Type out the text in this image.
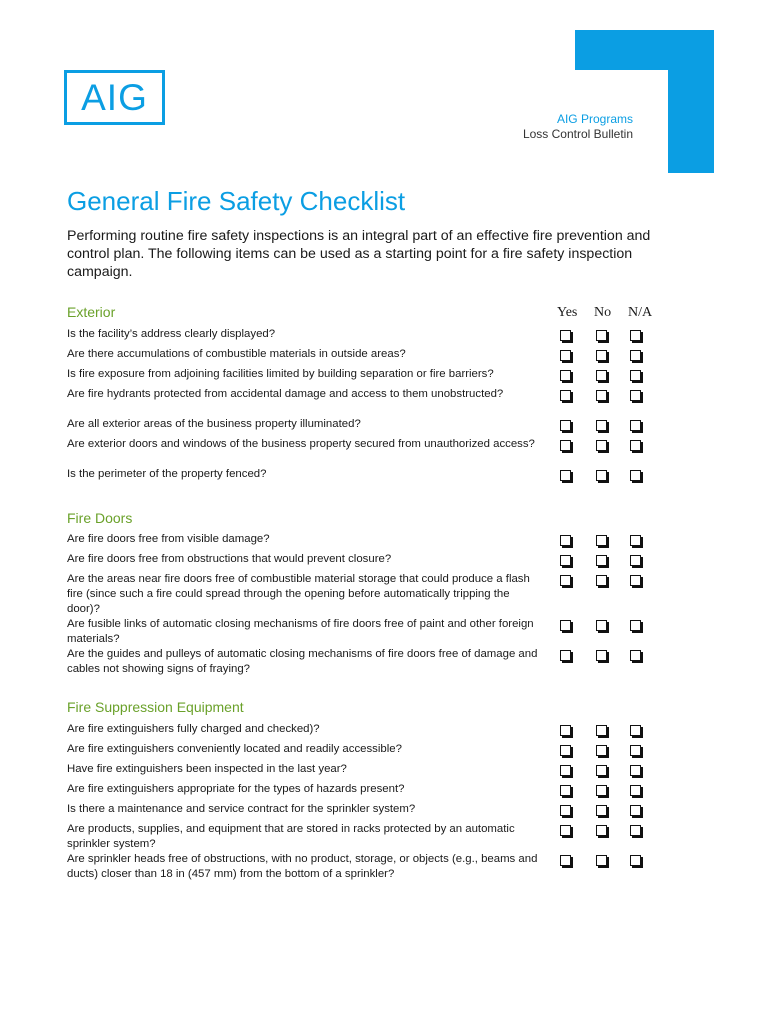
AIG
AIG Programs
Loss Control Bulletin
General Fire Safety Checklist

Performing routine fire safety inspections is an integral part of an effective fire prevention and control plan. The following items can be used as a starting point for a fire safety inspection campaign.

Yes No N/A
Exterior
Is the facility’s address clearly displayed?
Are there accumulations of combustible materials in outside areas?
Is fire exposure from adjoining facilities limited by building separation or fire barriers?
Are fire hydrants protected from accidental damage and access to them unobstructed?
Are all exterior areas of the business property illuminated?
Are exterior doors and windows of the business property secured from unauthorized access?
Is the perimeter of the property fenced?
Fire Doors
Are fire doors free from visible damage?
Are fire doors free from obstructions that would prevent closure?
Are the areas near fire doors free of combustible material storage that could produce a flash fire (since such a fire could spread through the opening before automatically tripping the door)?
Are fusible links of automatic closing mechanisms of fire doors free of paint and other foreign materials?
Are the guides and pulleys of automatic closing mechanisms of fire doors free of damage and cables not showing signs of fraying?
Fire Suppression Equipment
Are fire extinguishers fully charged and checked)?
Are fire extinguishers conveniently located and readily accessible?
Have fire extinguishers been inspected in the last year?
Are fire extinguishers appropriate for the types of hazards present?
Is there a maintenance and service contract for the sprinkler system?
Are products, supplies, and equipment that are stored in racks protected by an automatic sprinkler system?
Are sprinkler heads free of obstructions, with no product, storage, or objects (e.g., beams and ducts) closer than 18 in (457 mm) from the bottom of a sprinkler?
